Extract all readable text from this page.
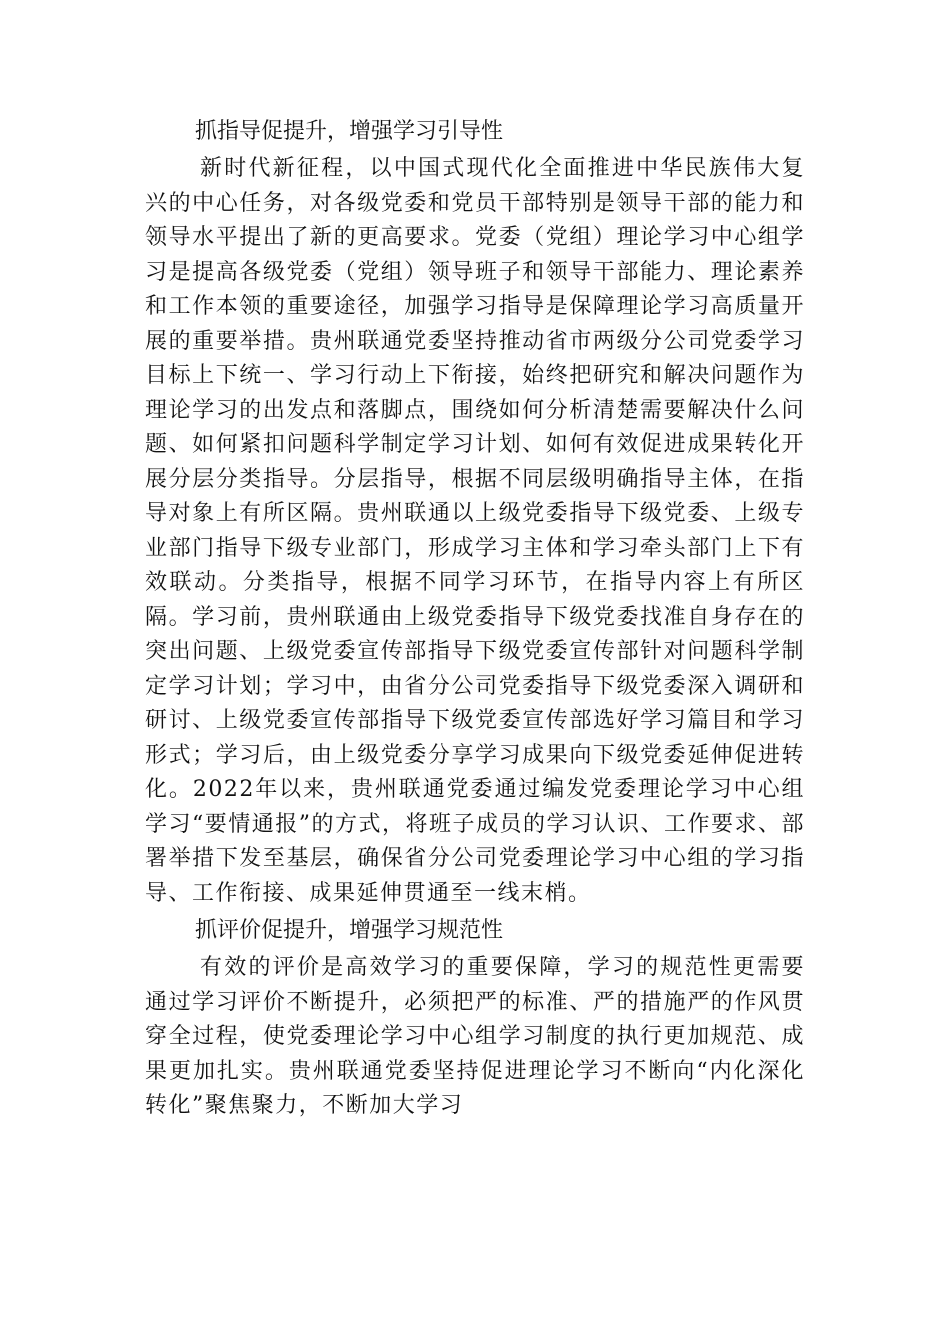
抓指导促提升，增强学习引导性

新时代新征程，以中国式现代化全面推进中华民族伟大复兴的中心任务，对各级党委和党员干部特别是领导干部的能力和领导水平提出了新的更高要求。党委（党组）理论学习中心组学习是提高各级党委（党组）领导班子和领导干部能力、理论素养和工作本领的重要途径，加强学习指导是保障理论学习高质量开展的重要举措。贵州联通党委坚持推动省市两级分公司党委学习目标上下统一、学习行动上下衔接，始终把研究和解决问题作为理论学习的出发点和落脚点，围绕如何分析清楚需要解决什么问题、如何紧扣问题科学制定学习计划、如何有效促进成果转化开展分层分类指导。分层指导，根据不同层级明确指导主体，在指导对象上有所区隔。贵州联通以上级党委指导下级党委、上级专业部门指导下级专业部门，形成学习主体和学习牵头部门上下有效联动。分类指导，根据不同学习环节，在指导内容上有所区隔。学习前，贵州联通由上级党委指导下级党委找准自身存在的突出问题、上级党委宣传部指导下级党委宣传部针对问题科学制定学习计划；学习中，由省分公司党委指导下级党委深入调研和研讨、上级党委宣传部指导下级党委宣传部选好学习篇目和学习形式；学习后，由上级党委分享学习成果向下级党委延伸促进转化。2022年以来，贵州联通党委通过编发党委理论学习中心组学习“要情通报”的方式，将班子成员的学习认识、工作要求、部署举措下发至基层，确保省分公司党委理论学习中心组的学习指导、工作衔接、成果延伸贯通至一线末梢。

抓评价促提升，增强学习规范性

有效的评价是高效学习的重要保障，学习的规范性更需要通过学习评价不断提升，必须把严的标准、严的措施严的作风贯穿全过程，使党委理论学习中心组学习制度的执行更加规范、成果更加扎实。贵州联通党委坚持促进理论学习不断向“内化深化转化”聚焦聚力，不断加大学习
